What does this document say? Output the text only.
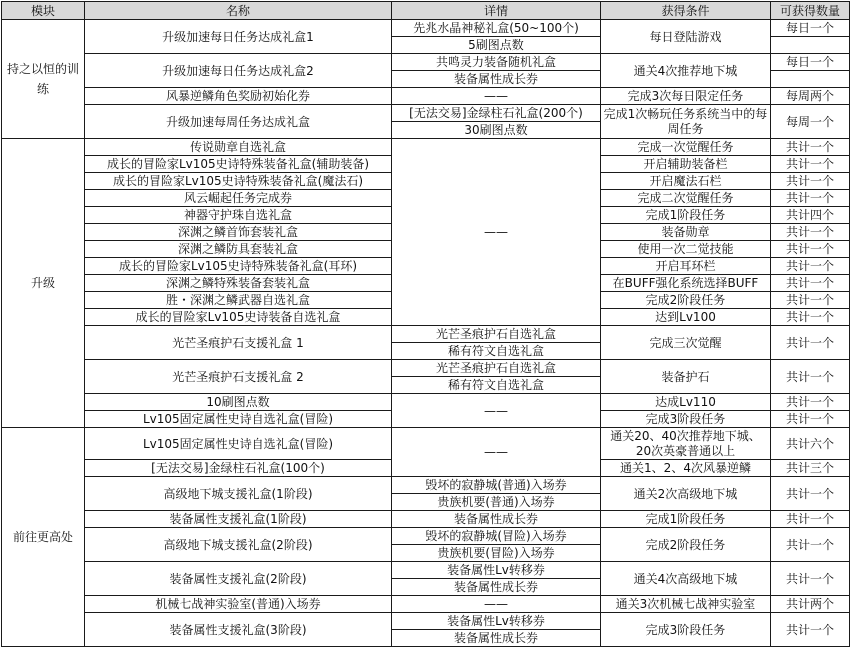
模块	名称	详情	获得条件	可获得数量
持之以恒的训练	升级加速每日任务达成礼盒1	先兆水晶神秘礼盒(50~100个)	每日登陆游戏	每日一个
		5刷图点数		
	升级加速每日任务达成礼盒2	共鸣灵力装备随机礼盒	通关4次推荐地下城	每日一个
		装备属性成长券		
	风暴逆鳞角色奖励初始化券	——	完成3次每日限定任务	每周两个
	升级加速每周任务达成礼盒	[无法交易]金绿柱石礼盒(200个)	完成1次畅玩任务系统当中的每周任务	每周一个
		30刷图点数		
升级	传说勋章自选礼盒	——	完成一次觉醒任务	共计一个
	成长的冒险家Lv105史诗特殊装备礼盒(辅助装备)		开启辅助装备栏	共计一个
	成长的冒险家Lv105史诗特殊装备礼盒(魔法石)		开启魔法石栏	共计一个
	风云崛起任务完成券		完成二次觉醒任务	共计一个
	神器守护珠自选礼盒		完成1阶段任务	共计四个
	深渊之鳞首饰套装礼盒		装备勋章	共计一个
	深渊之鳞防具套装礼盒		使用一次二觉技能	共计一个
	成长的冒险家Lv105史诗特殊装备礼盒(耳环)		开启耳环栏	共计一个
	深渊之鳞特殊装备套装礼盒		在BUFF强化系统选择BUFF	共计一个
	胜・深渊之鳞武器自选礼盒		完成2阶段任务	共计一个
	成长的冒险家Lv105史诗装备自选礼盒		达到Lv100	共计一个
	光芒圣痕护石支援礼盒 1	光芒圣痕护石自选礼盒	完成三次觉醒	共计一个
		稀有符文自选礼盒		
	光芒圣痕护石支援礼盒 2	光芒圣痕护石自选礼盒	装备护石	共计一个
		稀有符文自选礼盒		
	10刷图点数	——	达成Lv110	共计一个
	Lv105固定属性史诗自选礼盒(冒险)		完成3阶段任务	共计一个
前往更高处	Lv105固定属性史诗自选礼盒(冒险)	——	通关20、40次推荐地下城、20次英豪普通以上	共计六个
	[无法交易]金绿柱石礼盒(100个)		通关1、2、4次风暴逆鳞	共计三个
	高级地下城支援礼盒(1阶段)	毁坏的寂静城(普通)入场券	通关2次高级地下城	共计一个
		贵族机要(普通)入场券		
	装备属性支援礼盒(1阶段)	装备属性成长券	完成1阶段任务	共计一个
	高级地下城支援礼盒(2阶段)	毁坏的寂静城(冒险)入场券	完成2阶段任务	共计一个
		贵族机要(冒险)入场券		
	装备属性支援礼盒(2阶段)	装备属性Lv转移券	通关4次高级地下城	共计一个
		装备属性成长券		
	机械七战神实验室(普通)入场券	——	通关3次机械七战神实验室	共计两个
	装备属性支援礼盒(3阶段)	装备属性Lv转移券	完成3阶段任务	共计一个
		装备属性成长券		
